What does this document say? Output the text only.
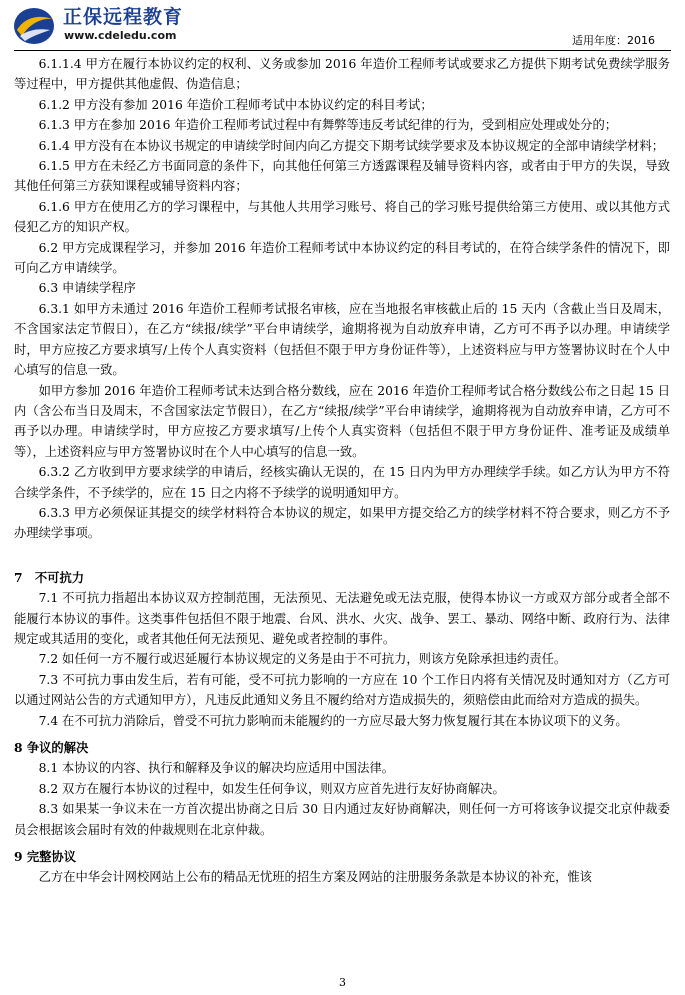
正保远程教育
www.cdeledu.com	适用年度：2016

6.1.1.4 甲方在履行本协议约定的权利、义务或参加 2016 年造价工程师考试或要求乙方提供下期考试免费续学服务等过程中，甲方提供其他虚假、伪造信息；

6.1.2 甲方没有参加 2016 年造价工程师考试中本协议约定的科目考试；

6.1.3 甲方在参加 2016 年造价工程师考试过程中有舞弊等违反考试纪律的行为，受到相应处理或处分的；

6.1.4 甲方没有在本协议书规定的申请续学时间内向乙方提交下期考试续学要求及本协议规定的全部申请续学材料；

6.1.5 甲方在未经乙方书面同意的条件下，向其他任何第三方透露课程及辅导资料内容，或者由于甲方的失误，导致其他任何第三方获知课程或辅导资料内容；

6.1.6 甲方在使用乙方的学习课程中，与其他人共用学习账号、将自己的学习账号提供给第三方使用、或以其他方式侵犯乙方的知识产权。

6.2 甲方完成课程学习，并参加 2016 年造价工程师考试中本协议约定的科目考试的，在符合续学条件的情况下，即可向乙方申请续学。

6.3 申请续学程序

6.3.1 如甲方未通过 2016 年造价工程师考试报名审核，应在当地报名审核截止后的 15 天内（含截止当日及周末，不含国家法定节假日），在乙方“续报/续学”平台申请续学，逾期将视为自动放弃申请，乙方可不再予以办理。申请续学时，甲方应按乙方要求填写/上传个人真实资料（包括但不限于甲方身份证件等），上述资料应与甲方签署协议时在个人中心填写的信息一致。

如甲方参加 2016 年造价工程师考试未达到合格分数线，应在 2016 年造价工程师考试合格分数线公布之日起 15 日内（含公布当日及周末，不含国家法定节假日），在乙方“续报/续学”平台申请续学，逾期将视为自动放弃申请，乙方可不再予以办理。申请续学时，甲方应按乙方要求填写/上传个人真实资料（包括但不限于甲方身份证件、准考证及成绩单等），上述资料应与甲方签署协议时在个人中心填写的信息一致。

6.3.2 乙方收到甲方要求续学的申请后，经核实确认无误的，在 15 日内为甲方办理续学手续。如乙方认为甲方不符合续学条件，不予续学的，应在 15 日之内将不予续学的说明通知甲方。

6.3.3 甲方必须保证其提交的续学材料符合本协议的规定，如果甲方提交给乙方的续学材料不符合要求，则乙方不予办理续学事项。

7　不可抗力

7.1 不可抗力指超出本协议双方控制范围，无法预见、无法避免或无法克服，使得本协议一方或双方部分或者全部不能履行本协议的事件。这类事件包括但不限于地震、台风、洪水、火灾、战争、罢工、暴动、网络中断、政府行为、法律规定或其适用的变化，或者其他任何无法预见、避免或者控制的事件。

7.2 如任何一方不履行或迟延履行本协议规定的义务是由于不可抗力，则该方免除承担违约责任。

7.3 不可抗力事由发生后，若有可能，受不可抗力影响的一方应在 10 个工作日内将有关情况及时通知对方（乙方可以通过网站公告的方式通知甲方），凡违反此通知义务且不履约给对方造成损失的，须赔偿由此而给对方造成的损失。

7.4 在不可抗力消除后，曾受不可抗力影响而未能履约的一方应尽最大努力恢复履行其在本协议项下的义务。

8 争议的解决

8.1 本协议的内容、执行和解释及争议的解决均应适用中国法律。

8.2 双方在履行本协议的过程中，如发生任何争议，则双方应首先进行友好协商解决。

8.3 如果某一争议未在一方首次提出协商之日后 30 日内通过友好协商解决，则任何一方可将该争议提交北京仲裁委员会根据该会届时有效的仲裁规则在北京仲裁。

9 完整协议

乙方在中华会计网校网站上公布的精品无忧班的招生方案及网站的注册服务条款是本协议的补充，惟该

3
